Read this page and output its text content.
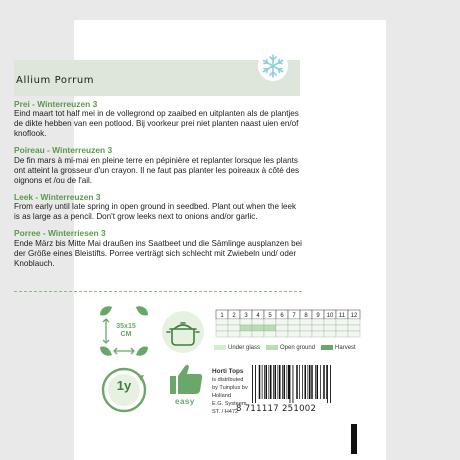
Allium Porrum
Prei - Winterreuzen 3

Eind maart tot half mei in de vollegrond op zaaibed en uitplanten als de plantjes de dikte hebben van een potlood. Bij voorkeur prei niet planten naast uien en/of knoflook.

Poireau - Winterreuzen 3

De fin mars à mi-mai en pleine terre en pépinière et replanter lorsque les plants ont atteint la grosseur d'un crayon. Il ne faut pas planter les poireaux à côté des oignons et /ou de l'ail.

Leek - Winterreuzen 3

From early until late spring in open ground in seedbed. Plant out when the leek is as large as a pencil. Don't grow leeks next to onions and/or garlic.

Porree - Winterriesen 3

Ende März bis Mitte Mai draußen ins Saatbeet und die Sämlinge ausplanzen bei der Größe eines Bleistifts. Porree verträgt sich schlecht mit Zwiebeln und/ oder Knoblauch.

35x15 CM
1y
easy
1 2 3 4 5 6 7 8 9 10 11 12
Under glass	Open ground	Harvest
Horti Tops
is distributed
by Tuinplus bv
Holland
E.G. Systeem
ST. / H472
8 711117 251002
